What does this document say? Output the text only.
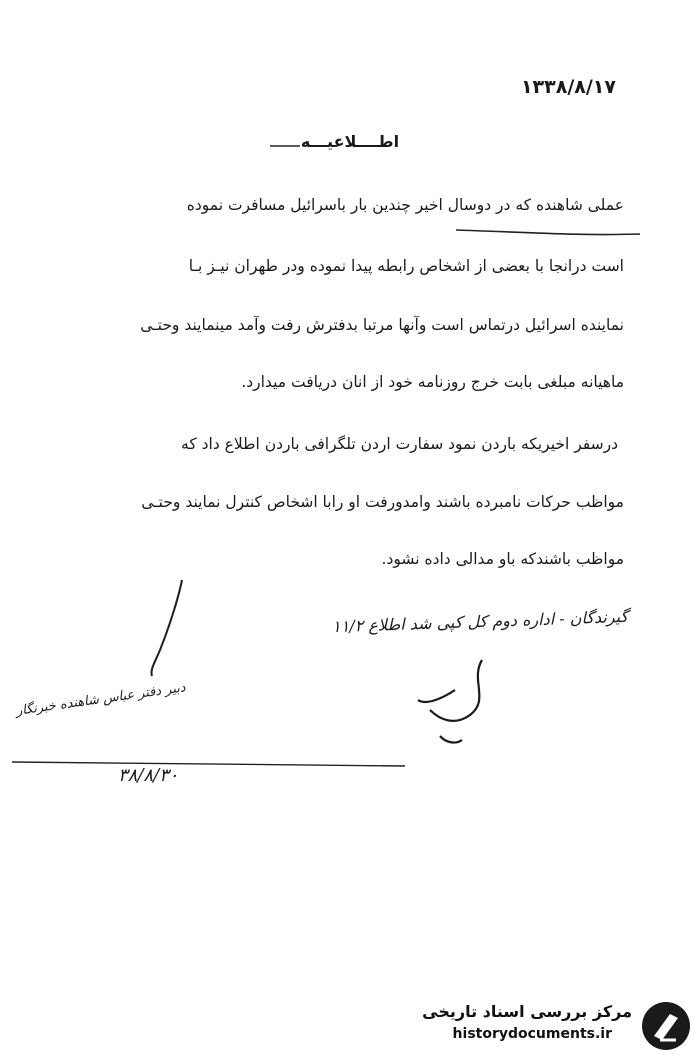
۱۳۳۸/۸/۱۷
اطــــلاعیـــه
عملی شاهنده که در دوسال اخیر چندین بار باسرائیل مسافرت نموده
است درانجا با بعضی از اشخاص رابطه پیدا نموده ودر طهران نیـز بـا
نماینده اسرائیل درتماس است وآنها مرتبا بدفترش رفت وآمد مینمایند وحتـی
ماهیانه مبلغی بابت خرج روزنامه خود از انان دریافت میدارد.
درسفر اخیریکه باردن نمود سفارت اردن تلگرافی باردن اطلاع داد که
مواظب حرکات نامبرده باشند وامدورفت او رابا اشخاص کنترل نمایند وحتـی
مواظب باشندکه باو مدالی داده نشود.
گیرندگان - اداره دوم کل کپی شد اطلاع ۱۱/۲
دبیر دفتر عباس شاهنده خبرنگار
۳۸/۸/۳۰
مرکز بررسی اسناد تاریخی
historydocuments.ir
